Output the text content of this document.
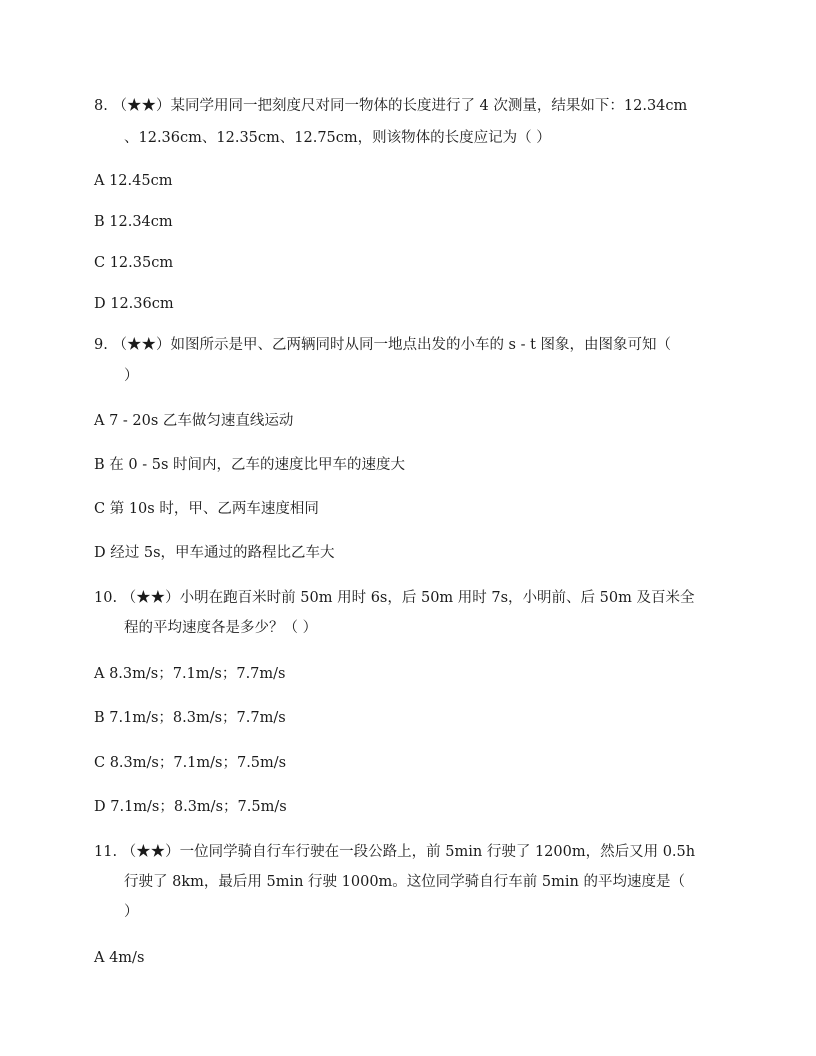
8. （★★）某同学用同一把刻度尺对同一物体的长度进行了 4 次测量，结果如下：12.34cm
、12.36cm、12.35cm、12.75cm，则该物体的长度应记为（ ）
A 12.45cm
B 12.34cm
C 12.35cm
D 12.36cm
9. （★★）如图所示是甲、乙两辆同时从同一地点出发的小车的 s - t 图象，由图象可知（
）
A 7 - 20s 乙车做匀速直线运动
B 在 0 - 5s 时间内，乙车的速度比甲车的速度大
C 第 10s 时，甲、乙两车速度相同
D 经过 5s，甲车通过的路程比乙车大
10. （★★）小明在跑百米时前 50m 用时 6s，后 50m 用时 7s，小明前、后 50m 及百米全
程的平均速度各是多少？（ ）
A 8.3m/s；7.1m/s；7.7m/s
B 7.1m/s；8.3m/s；7.7m/s
C 8.3m/s；7.1m/s；7.5m/s
D 7.1m/s；8.3m/s；7.5m/s
11. （★★）一位同学骑自行车行驶在一段公路上，前 5min 行驶了 1200m，然后又用 0.5h
行驶了 8km，最后用 5min 行驶 1000m。这位同学骑自行车前 5min 的平均速度是（
）
A 4m/s
